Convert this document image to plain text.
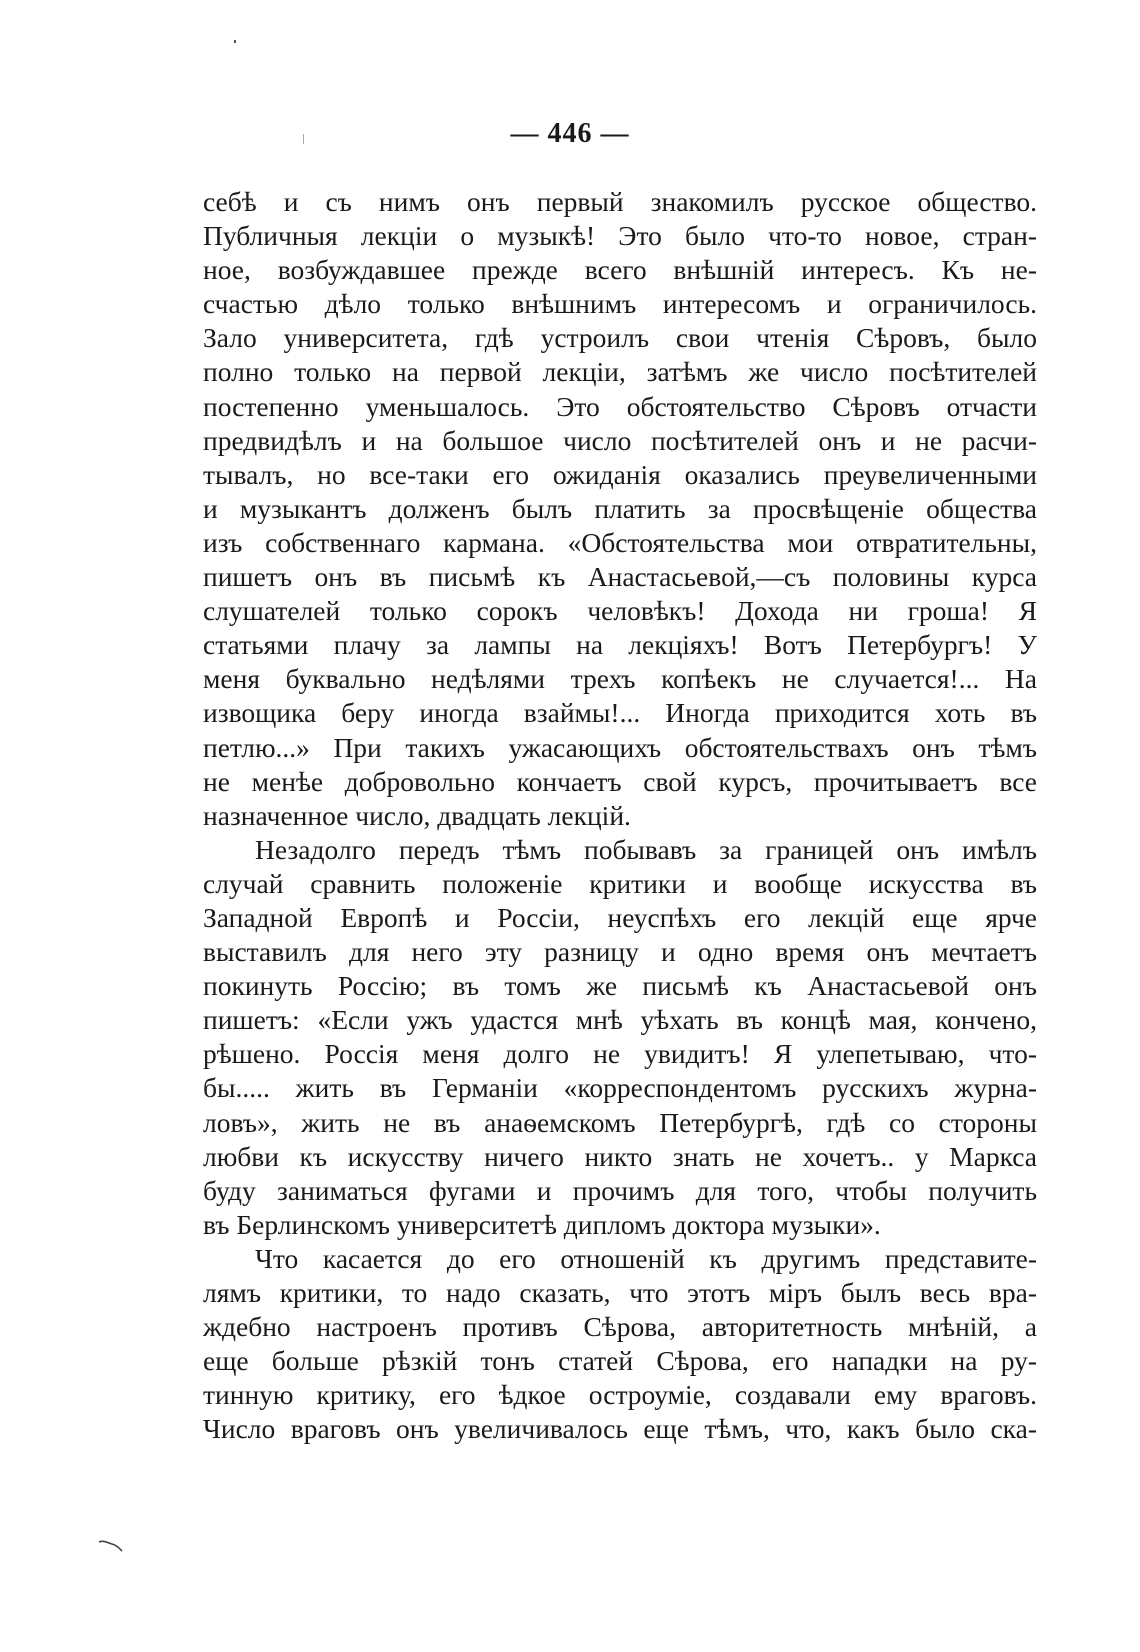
— 446 —
себѣ и съ нимъ онъ первый знакомилъ русское общество.
Публичныя лекціи о музыкѣ! Это было что-то новое, стран-
ное, возбуждавшее прежде всего внѣшній интересъ. Къ не-
счастью дѣло только внѣшнимъ интересомъ и ограничилось.
Зало университета, гдѣ устроилъ свои чтенія Сѣровъ, было
полно только на первой лекціи, затѣмъ же число посѣтителей
постепенно уменьшалось. Это обстоятельство Сѣровъ отчасти
предвидѣлъ и на большое число посѣтителей онъ и не расчи-
тывалъ, но все-таки его ожиданія оказались преувеличенными
и музыкантъ долженъ былъ платить за просвѣщеніе общества
изъ собственнаго кармана. «Обстоятельства мои отвратительны,
пишетъ онъ въ письмѣ къ Анастасьевой,—съ половины курса
слушателей только сорокъ человѣкъ! Дохода ни гроша! Я
статьями плачу за лампы на лекціяхъ! Вотъ Петербургъ! У
меня буквально недѣлями трехъ копѣекъ не случается!... На
извощика беру иногда взаймы!... Иногда приходится хоть въ
петлю...» При такихъ ужасающихъ обстоятельствахъ онъ тѣмъ
не менѣе добровольно кончаетъ свой курсъ, прочитываетъ все
назначенное число, двадцать лекцій.
Незадолго передъ тѣмъ побывавъ за границей онъ имѣлъ
случай сравнить положеніе критики и вообще искусства въ
Западной Европѣ и Россіи, неуспѣхъ его лекцій еще ярче
выставилъ для него эту разницу и одно время онъ мечтаетъ
покинуть Россію; въ томъ же письмѣ къ Анастасьевой онъ
пишетъ: «Если ужъ удастся мнѣ уѣхать въ концѣ мая, кончено,
рѣшено. Россія меня долго не увидитъ! Я улепетываю, что-
бы..... жить въ Германіи «корреспондентомъ русскихъ журна-
ловъ», жить не въ анаѳемскомъ Петербургѣ, гдѣ со стороны
любви къ искусству ничего никто знать не хочетъ.. у Маркса
буду заниматься фугами и прочимъ для того, чтобы получить
въ Берлинскомъ университетѣ дипломъ доктора музыки».
Что касается до его отношеній къ другимъ представите-
лямъ критики, то надо сказать, что этотъ міръ былъ весь вра-
ждебно настроенъ противъ Сѣрова, авторитетность мнѣній, а
еще больше рѣзкій тонъ статей Сѣрова, его нападки на ру-
тинную критику, его ѣдкое остроуміе, создавали ему враговъ.
Число враговъ онъ увеличивалось еще тѣмъ, что, какъ было ска-
